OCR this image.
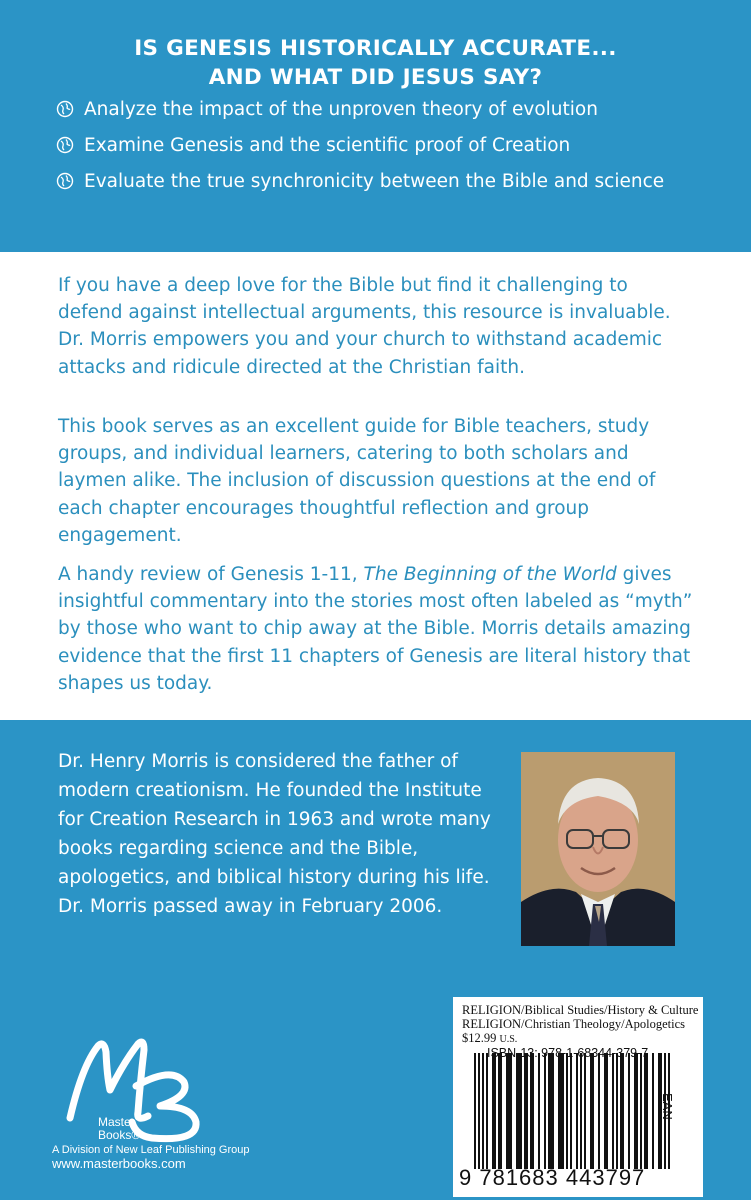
IS GENESIS HISTORICALLY ACCURATE...
AND WHAT DID JESUS SAY?
Analyze the impact of the unproven theory of evolution
Examine Genesis and the scientific proof of Creation
Evaluate the true synchronicity between the Bible and science

If you have a deep love for the Bible but find it challenging to defend against intellectual arguments, this resource is invaluable. Dr. Morris empowers you and your church to withstand academic attacks and ridicule directed at the Christian faith.

This book serves as an excellent guide for Bible teachers, study groups, and individual learners, catering to both scholars and laymen alike. The inclusion of discussion questions at the end of each chapter encourages thoughtful reflection and group engagement.

A handy review of Genesis 1-11, The Beginning of the World gives insightful commentary into the stories most often labeled as “myth” by those who want to chip away at the Bible. Morris details amazing evidence that the first 11 chapters of Genesis are literal history that shapes us today.

Dr. Henry Morris is considered the father of modern creationism. He founded the Institute for Creation Research in 1963 and wrote many books regarding science and the Bible, apologetics, and biblical history during his life. Dr. Morris passed away in February 2006.

Master
Books®
A Division of New Leaf Publishing Group
www.masterbooks.com
RELIGION/Biblical Studies/History & Culture
RELIGION/Christian Theology/Apologetics
$12.99 U.S.
ISBN-13: 978-1-68344-379-7
EAN
9 781683 443797
